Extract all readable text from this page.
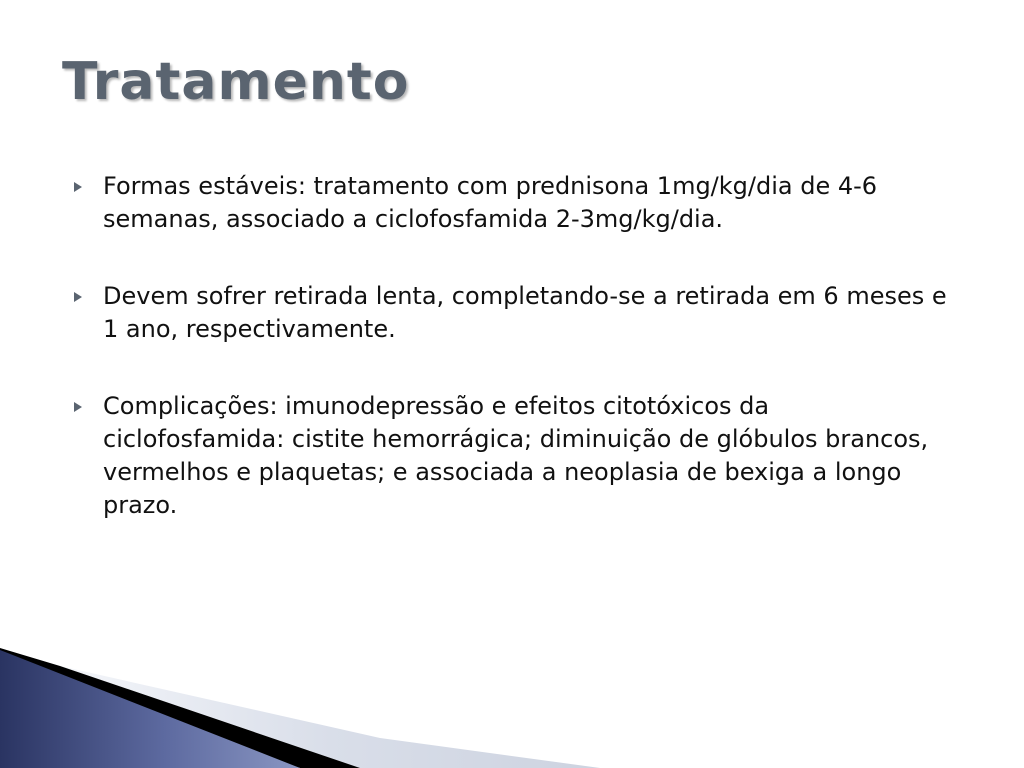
Tratamento
Formas estáveis: tratamento com prednisona 1mg/kg/dia de 4-6 semanas, associado a ciclofosfamida 2-3mg/kg/dia.
Devem sofrer retirada lenta, completando-se a retirada em 6 meses e 1 ano, respectivamente.
Complicações: imunodepressão e efeitos citotóxicos da ciclofosfamida: cistite hemorrágica; diminuição de glóbulos brancos, vermelhos e plaquetas; e associada a neoplasia de bexiga a longo prazo.
